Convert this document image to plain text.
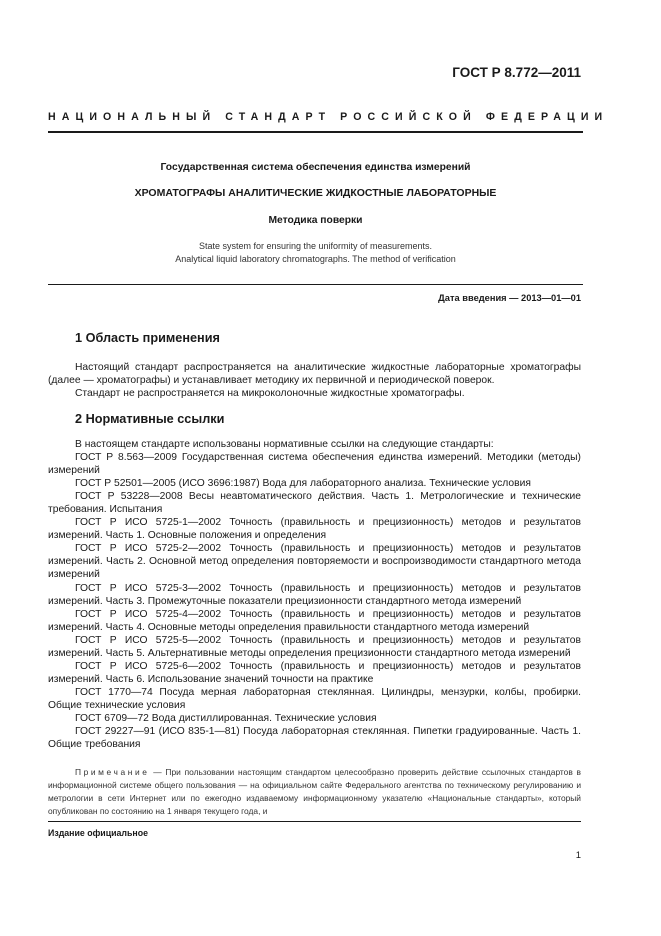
ГОСТ Р 8.772—2011
НАЦИОНАЛЬНЫЙ СТАНДАРТ РОССИЙСКОЙ ФЕДЕРАЦИИ
Государственная система обеспечения единства измерений
ХРОМАТОГРАФЫ АНАЛИТИЧЕСКИЕ ЖИДКОСТНЫЕ ЛАБОРАТОРНЫЕ
Методика поверки
State system for ensuring the uniformity of measurements.
Analytical liquid laboratory chromatographs. The method of verification
Дата введения — 2013—01—01
1 Область применения

Настоящий стандарт распространяется на аналитические жидкостные лабораторные хроматографы (далее — хроматографы) и устанавливает методику их первичной и периодической поверок.

Стандарт не распространяется на микроколоночные жидкостные хроматографы.

2 Нормативные ссылки

В настоящем стандарте использованы нормативные ссылки на следующие стандарты:

ГОСТ Р 8.563—2009 Государственная система обеспечения единства измерений. Методики (методы) измерений

ГОСТ Р 52501—2005 (ИСО 3696:1987) Вода для лабораторного анализа. Технические условия

ГОСТ Р 53228—2008 Весы неавтоматического действия. Часть 1. Метрологические и технические требования. Испытания

ГОСТ Р ИСО 5725-1—2002 Точность (правильность и прецизионность) методов и результатов измерений. Часть 1. Основные положения и определения

ГОСТ Р ИСО 5725-2—2002 Точность (правильность и прецизионность) методов и результатов измерений. Часть 2. Основной метод определения повторяемости и воспроизводимости стандартного метода измерений

ГОСТ Р ИСО 5725-3—2002 Точность (правильность и прецизионность) методов и результатов измерений. Часть 3. Промежуточные показатели прецизионности стандартного метода измерений

ГОСТ Р ИСО 5725-4—2002 Точность (правильность и прецизионность) методов и результатов измерений. Часть 4. Основные методы определения правильности стандартного метода измерений

ГОСТ Р ИСО 5725-5—2002 Точность (правильность и прецизионность) методов и результатов измерений. Часть 5. Альтернативные методы определения прецизионности стандартного метода измерений

ГОСТ Р ИСО 5725-6—2002 Точность (правильность и прецизионность) методов и результатов измерений. Часть 6. Использование значений точности на практике

ГОСТ 1770—74 Посуда мерная лабораторная стеклянная. Цилиндры, мензурки, колбы, пробирки. Общие технические условия

ГОСТ 6709—72 Вода дистиллированная. Технические условия

ГОСТ 29227—91 (ИСО 835-1—81) Посуда лабораторная стеклянная. Пипетки градуированные. Часть 1. Общие требования

Примечание — При пользовании настоящим стандартом целесообразно проверить действие ссылочных стандартов в информационной системе общего пользования — на официальном сайте Федерального агентства по техническому регулированию и метрологии в сети Интернет или по ежегодно издаваемому информационному указателю «Национальные стандарты», который опубликован по состоянию на 1 января текущего года, и
Издание официальное
1
